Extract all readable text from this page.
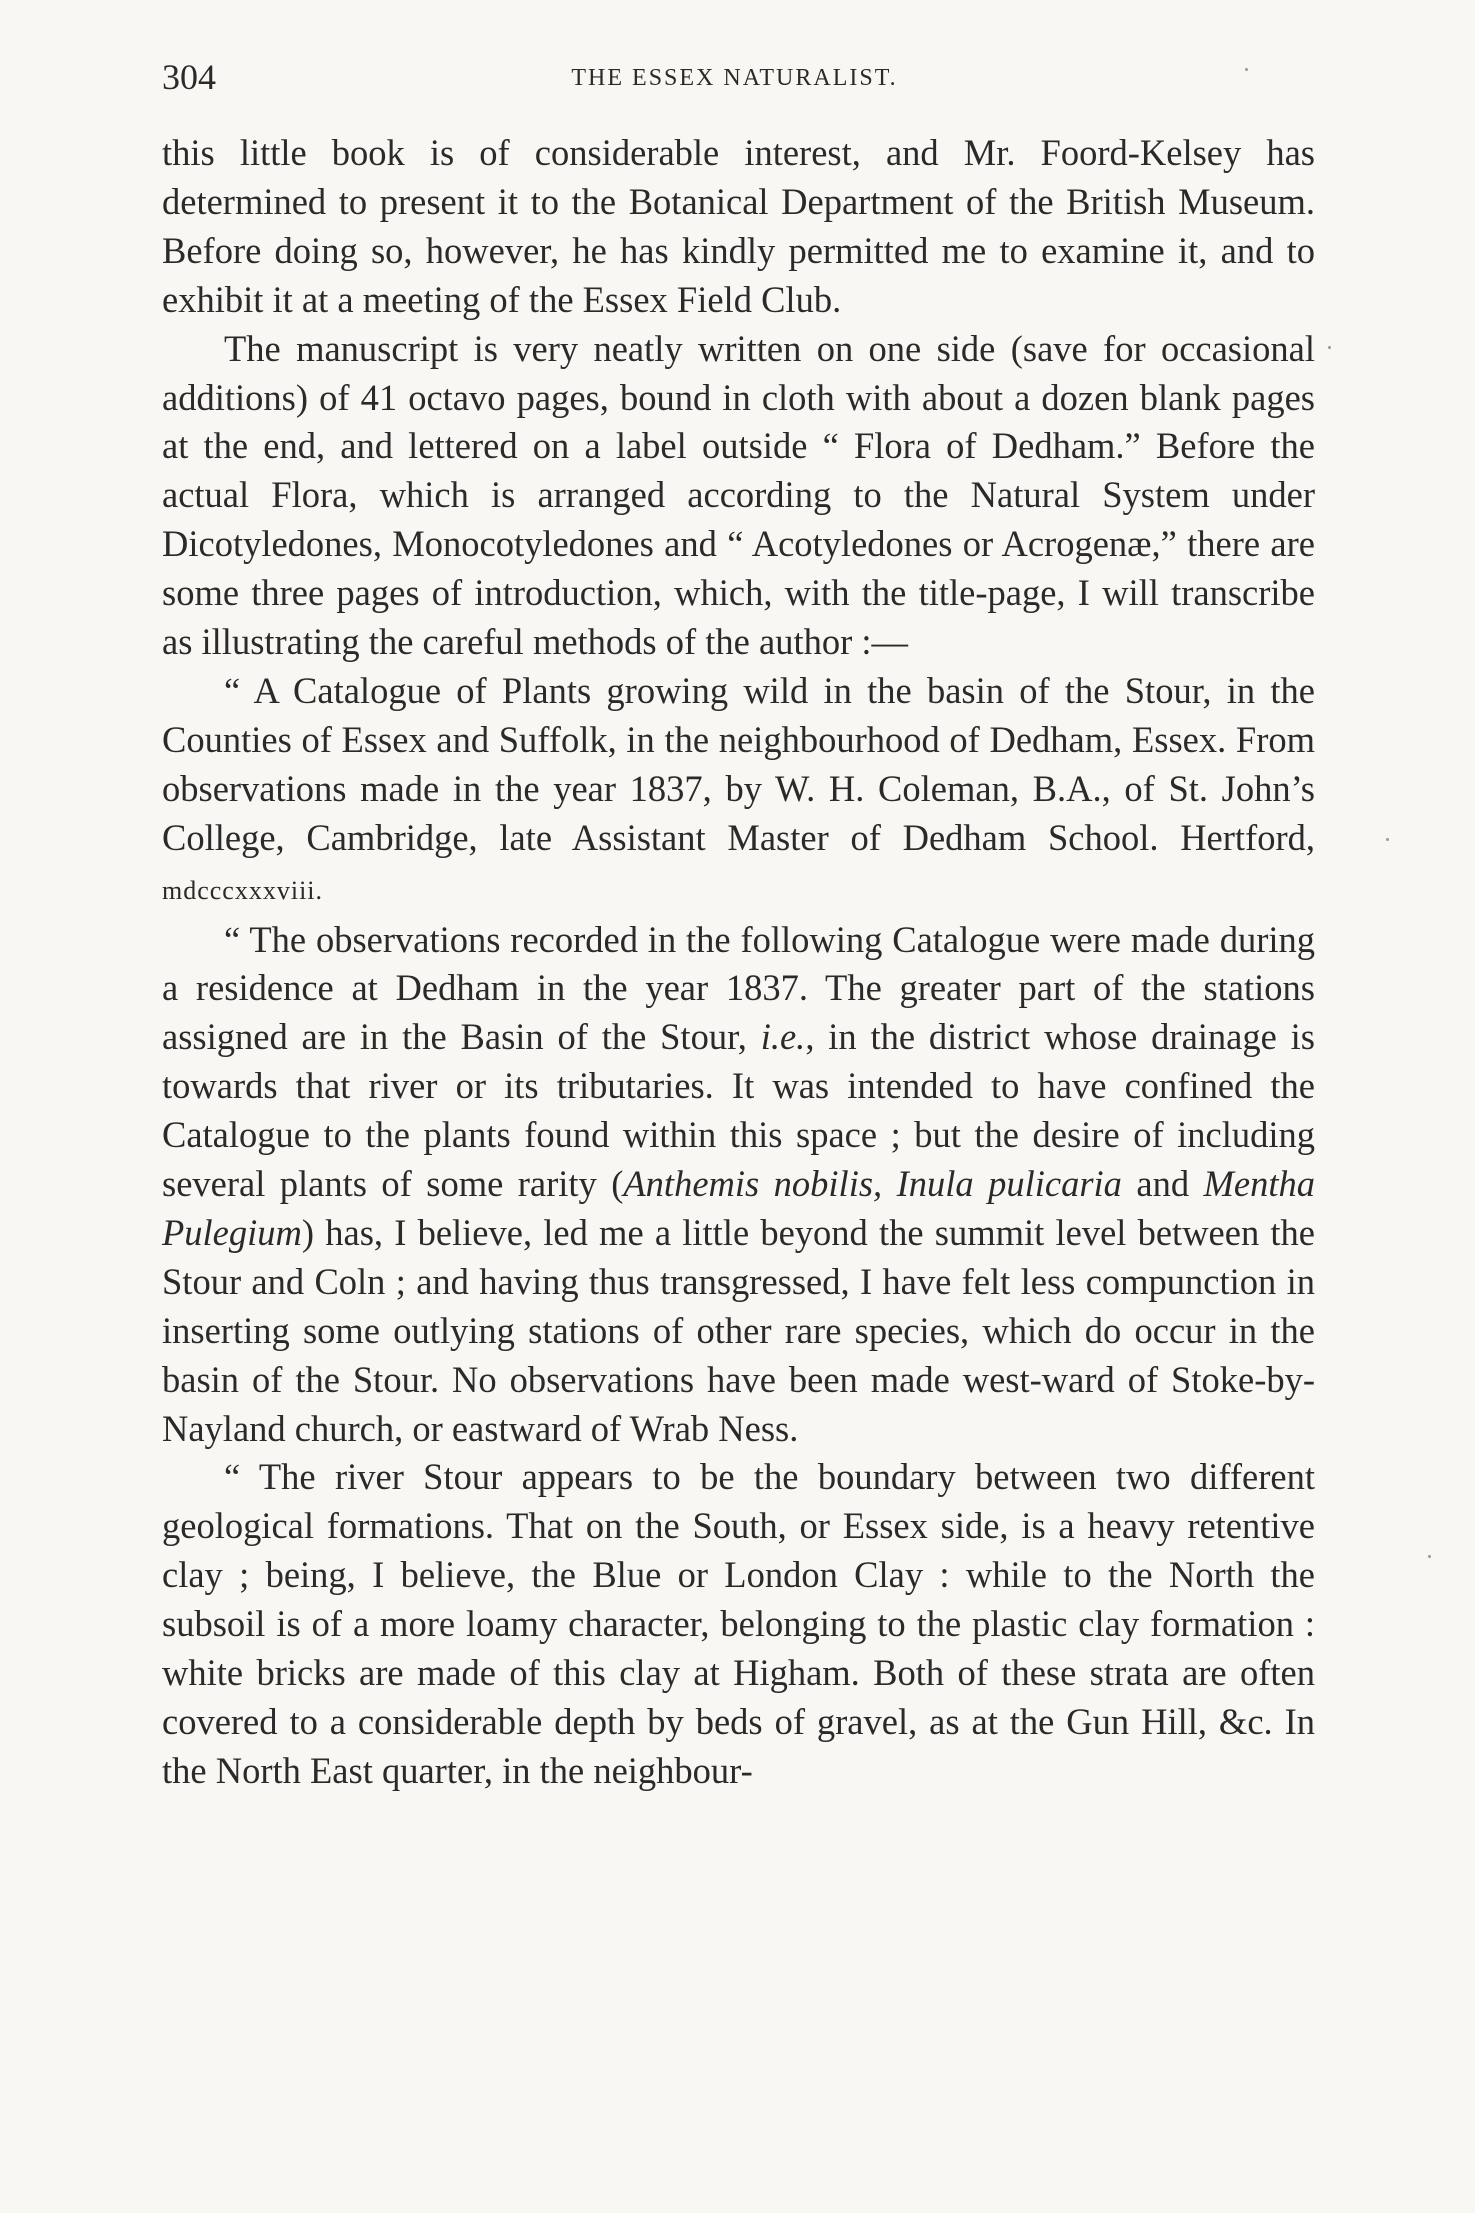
304	THE ESSEX NATURALIST.

this little book is of considerable interest, and Mr. Foord-Kelsey has determined to present it to the Botanical Department of the British Museum. Before doing so, however, he has kindly permitted me to examine it, and to exhibit it at a meeting of the Essex Field Club.

The manuscript is very neatly written on one side (save for occasional additions) of 41 octavo pages, bound in cloth with about a dozen blank pages at the end, and lettered on a label outside “ Flora of Dedham.” Before the actual Flora, which is arranged according to the Natural System under Dicotyledones, Monocotyledones and “ Acotyledones or Acrogenæ,” there are some three pages of introduction, which, with the title-page, I will transcribe as illustrating the careful methods of the author :—

“ A Catalogue of Plants growing wild in the basin of the Stour, in the Counties of Essex and Suffolk, in the neighbourhood of Dedham, Essex. From observations made in the year 1837, by W. H. Coleman, B.A., of St. John’s College, Cambridge, late Assistant Master of Dedham School. Hertford, mdcccxxxviii.

“ The observations recorded in the following Catalogue were made during a residence at Dedham in the year 1837. The greater part of the stations assigned are in the Basin of the Stour, i.e., in the district whose drainage is towards that river or its tributaries. It was intended to have confined the Catalogue to the plants found within this space ; but the desire of including several plants of some rarity (Anthemis nobilis, Inula pulicaria and Mentha Pulegium) has, I believe, led me a little beyond the summit level between the Stour and Coln ; and having thus transgressed, I have felt less compunction in inserting some outlying stations of other rare species, which do occur in the basin of the Stour. No observations have been made west-ward of Stoke-by-Nayland church, or eastward of Wrab Ness.

“ The river Stour appears to be the boundary between two different geological formations. That on the South, or Essex side, is a heavy retentive clay ; being, I believe, the Blue or London Clay : while to the North the subsoil is of a more loamy character, belonging to the plastic clay formation : white bricks are made of this clay at Higham. Both of these strata are often covered to a considerable depth by beds of gravel, as at the Gun Hill, &c. In the North East quarter, in the neighbour-
